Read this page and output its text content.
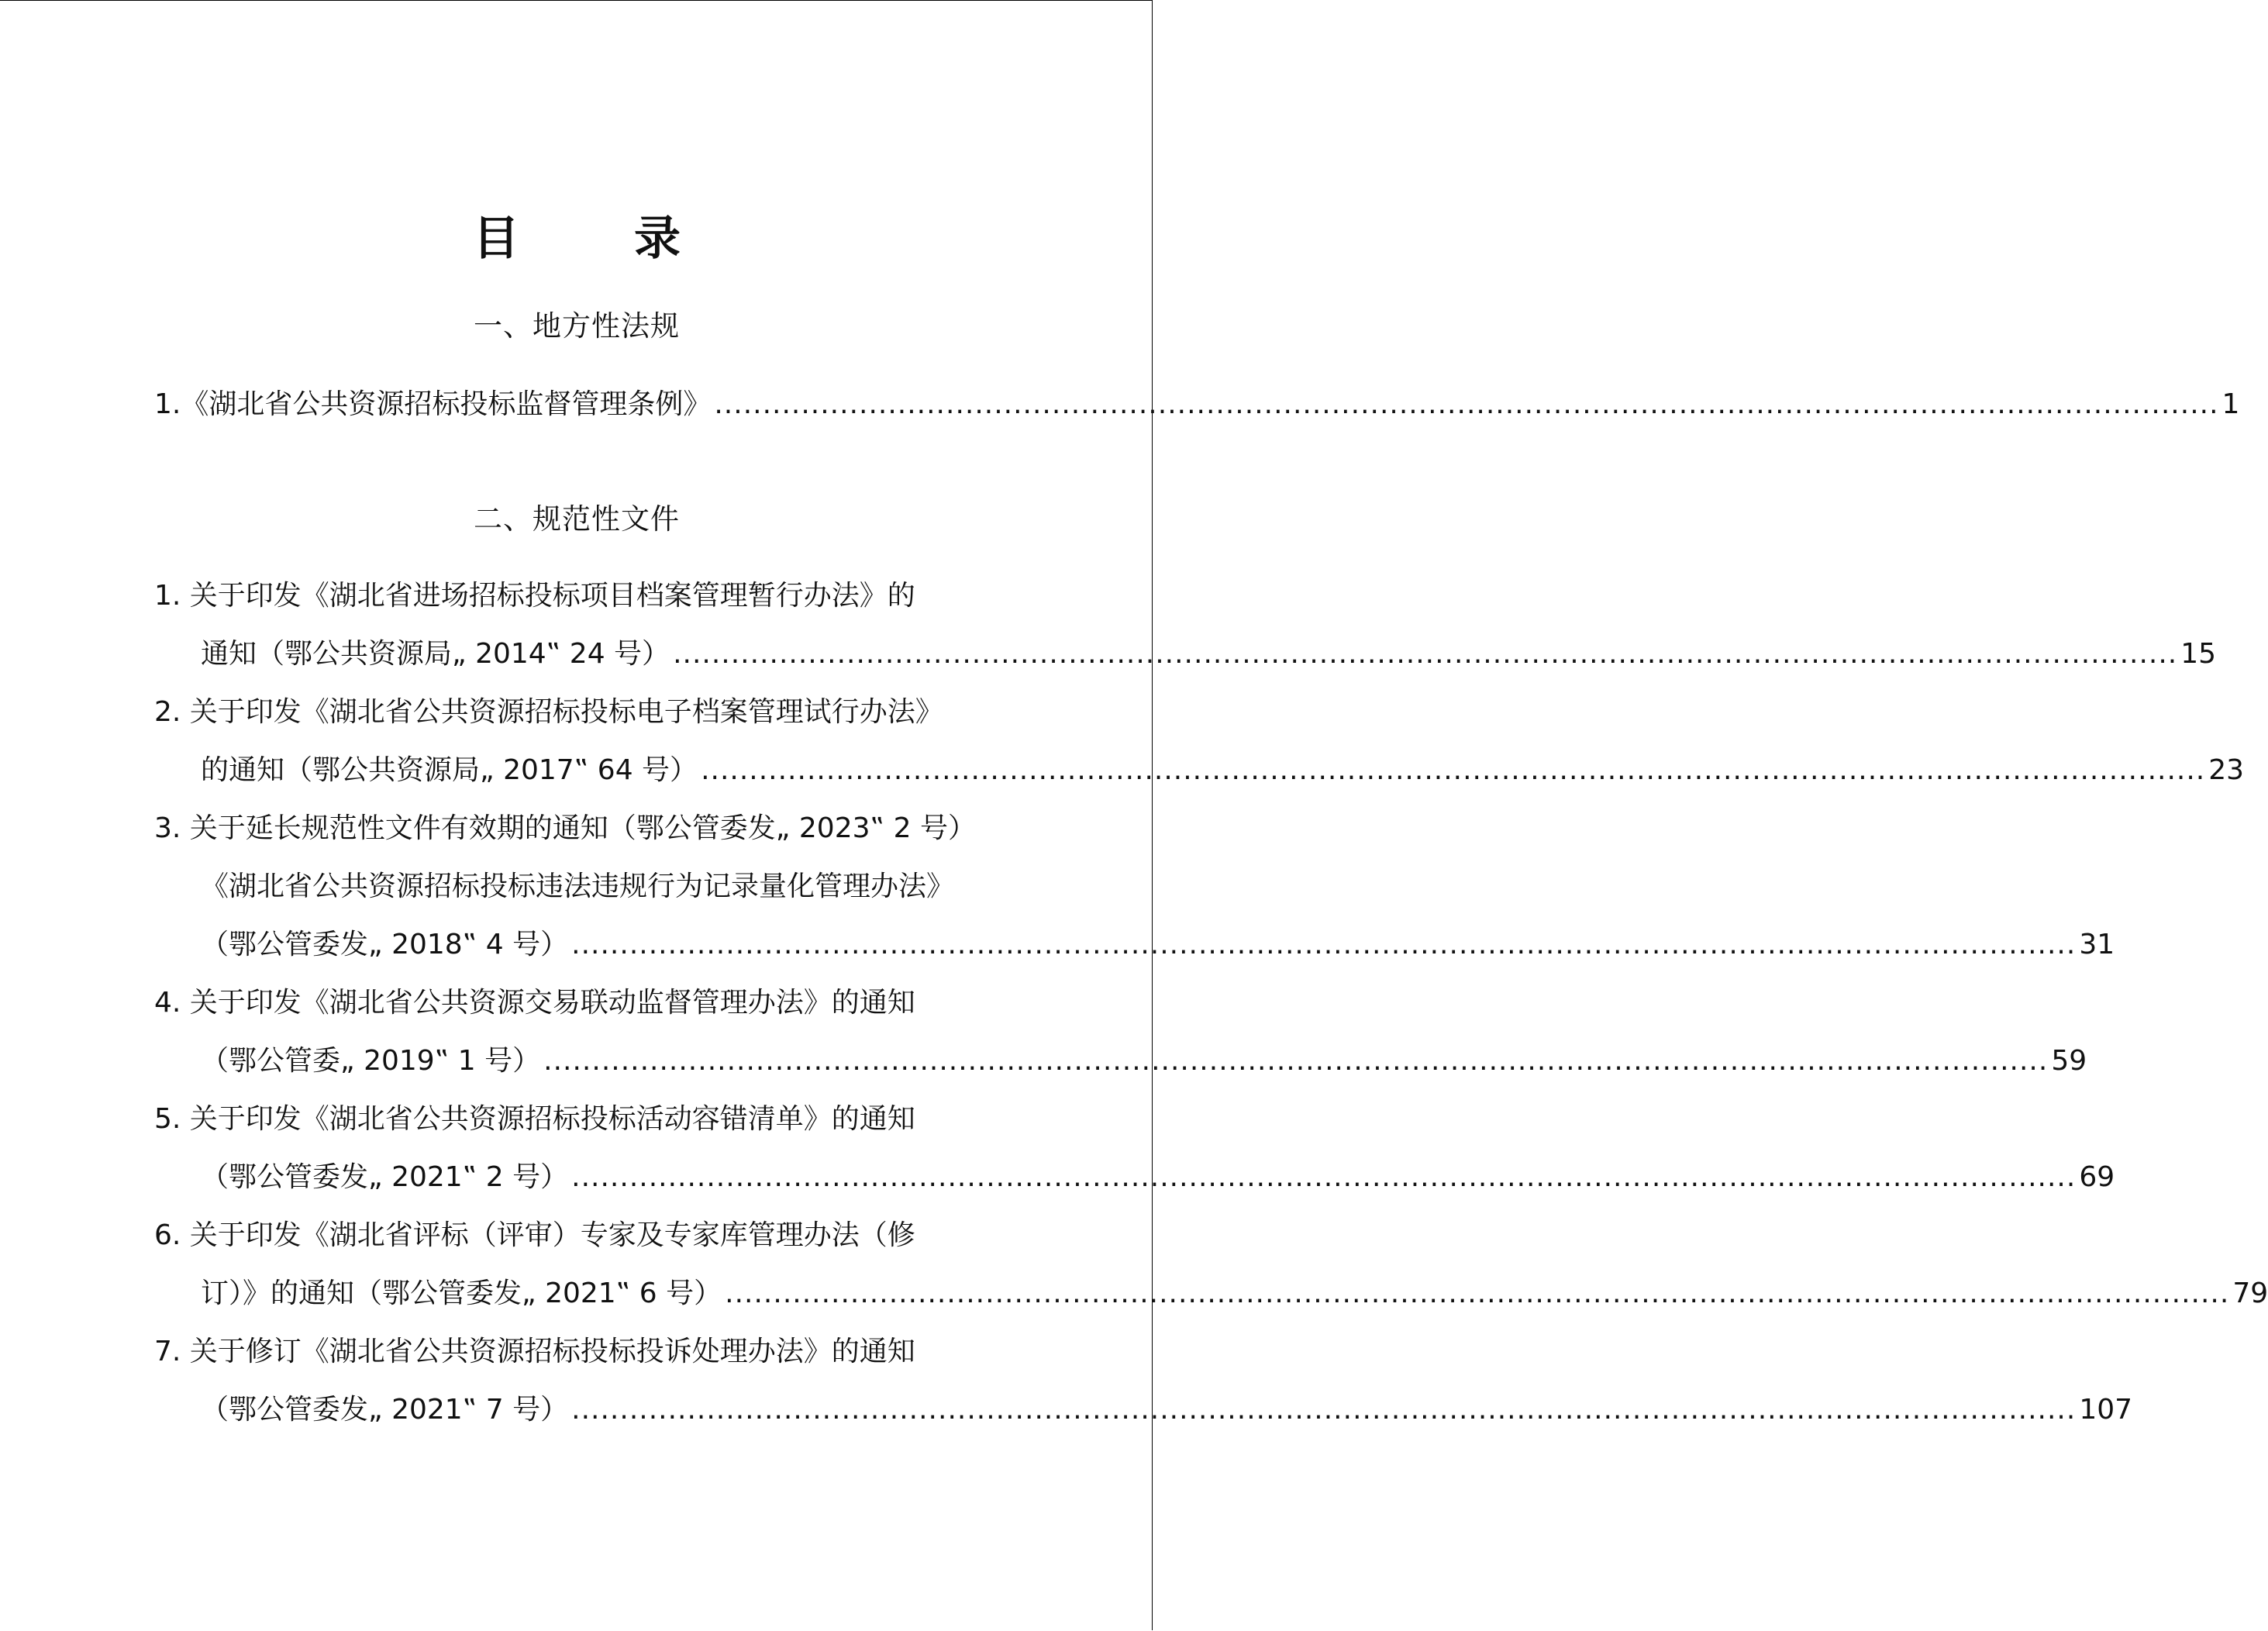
目　录
一、地方性法规
1.《湖北省公共资源招标投标监督管理条例》 ............................................................................................................................................................ 1
二、规范性文件
1. 关于印发《湖北省进场招标投标项目档案管理暂行办法》的
通知（鄂公共资源局„ 2014‟ 24 号） ............................................................................................................................................................ 15
2. 关于印发《湖北省公共资源招标投标电子档案管理试行办法》
的通知（鄂公共资源局„ 2017‟ 64 号） ............................................................................................................................................................ 23
3. 关于延长规范性文件有效期的通知（鄂公管委发„ 2023‟ 2 号）
《湖北省公共资源招标投标违法违规行为记录量化管理办法》
（鄂公管委发„ 2018‟ 4 号） ............................................................................................................................................................ 31
4. 关于印发《湖北省公共资源交易联动监督管理办法》的通知
（鄂公管委„ 2019‟ 1 号） ............................................................................................................................................................ 59
5. 关于印发《湖北省公共资源招标投标活动容错清单》的通知
（鄂公管委发„ 2021‟ 2 号） ............................................................................................................................................................ 69
6. 关于印发《湖北省评标（评审）专家及专家库管理办法（修
订）》的通知（鄂公管委发„ 2021‟ 6 号） ............................................................................................................................................................ 79
7. 关于修订《湖北省公共资源招标投标投诉处理办法》的通知
（鄂公管委发„ 2021‟ 7 号） ............................................................................................................................................................ 107
